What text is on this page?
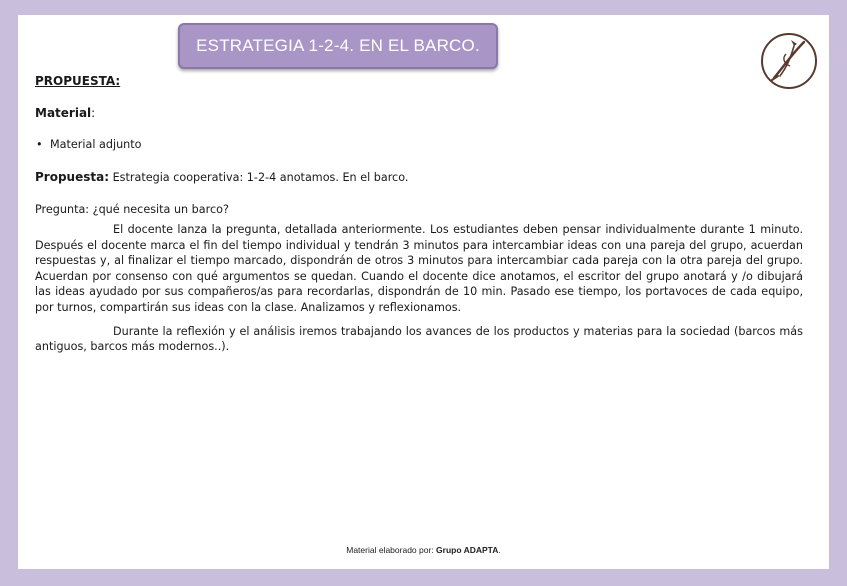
ESTRATEGIA 1-2-4. EN EL BARCO.

PROPUESTA:

Material:

• Material adjunto

Propuesta: Estrategia cooperativa: 1-2-4 anotamos. En el barco.

Pregunta: ¿qué necesita un barco?

El docente lanza la pregunta, detallada anteriormente. Los estudiantes deben pensar individualmente durante 1 minuto. Después el docente marca el fin del tiempo individual y tendrán 3 minutos para intercambiar ideas con una pareja del grupo, acuerdan respuestas y, al finalizar el tiempo marcado, dispondrán de otros 3 minutos para intercambiar cada pareja con la otra pareja del grupo. Acuerdan por consenso con qué argumentos se quedan. Cuando el docente dice anotamos, el escritor del grupo anotará y /o dibujará las ideas ayudado por sus compañeros/as para recordarlas, dispondrán de 10 min. Pasado ese tiempo, los portavoces de cada equipo, por turnos, compartirán sus ideas con la clase. Analizamos y reflexionamos.

Durante la reflexión y el análisis iremos trabajando los avances de los productos y materias para la sociedad (barcos más antiguos, barcos más modernos..).

Material elaborado por: Grupo ADAPTA.
